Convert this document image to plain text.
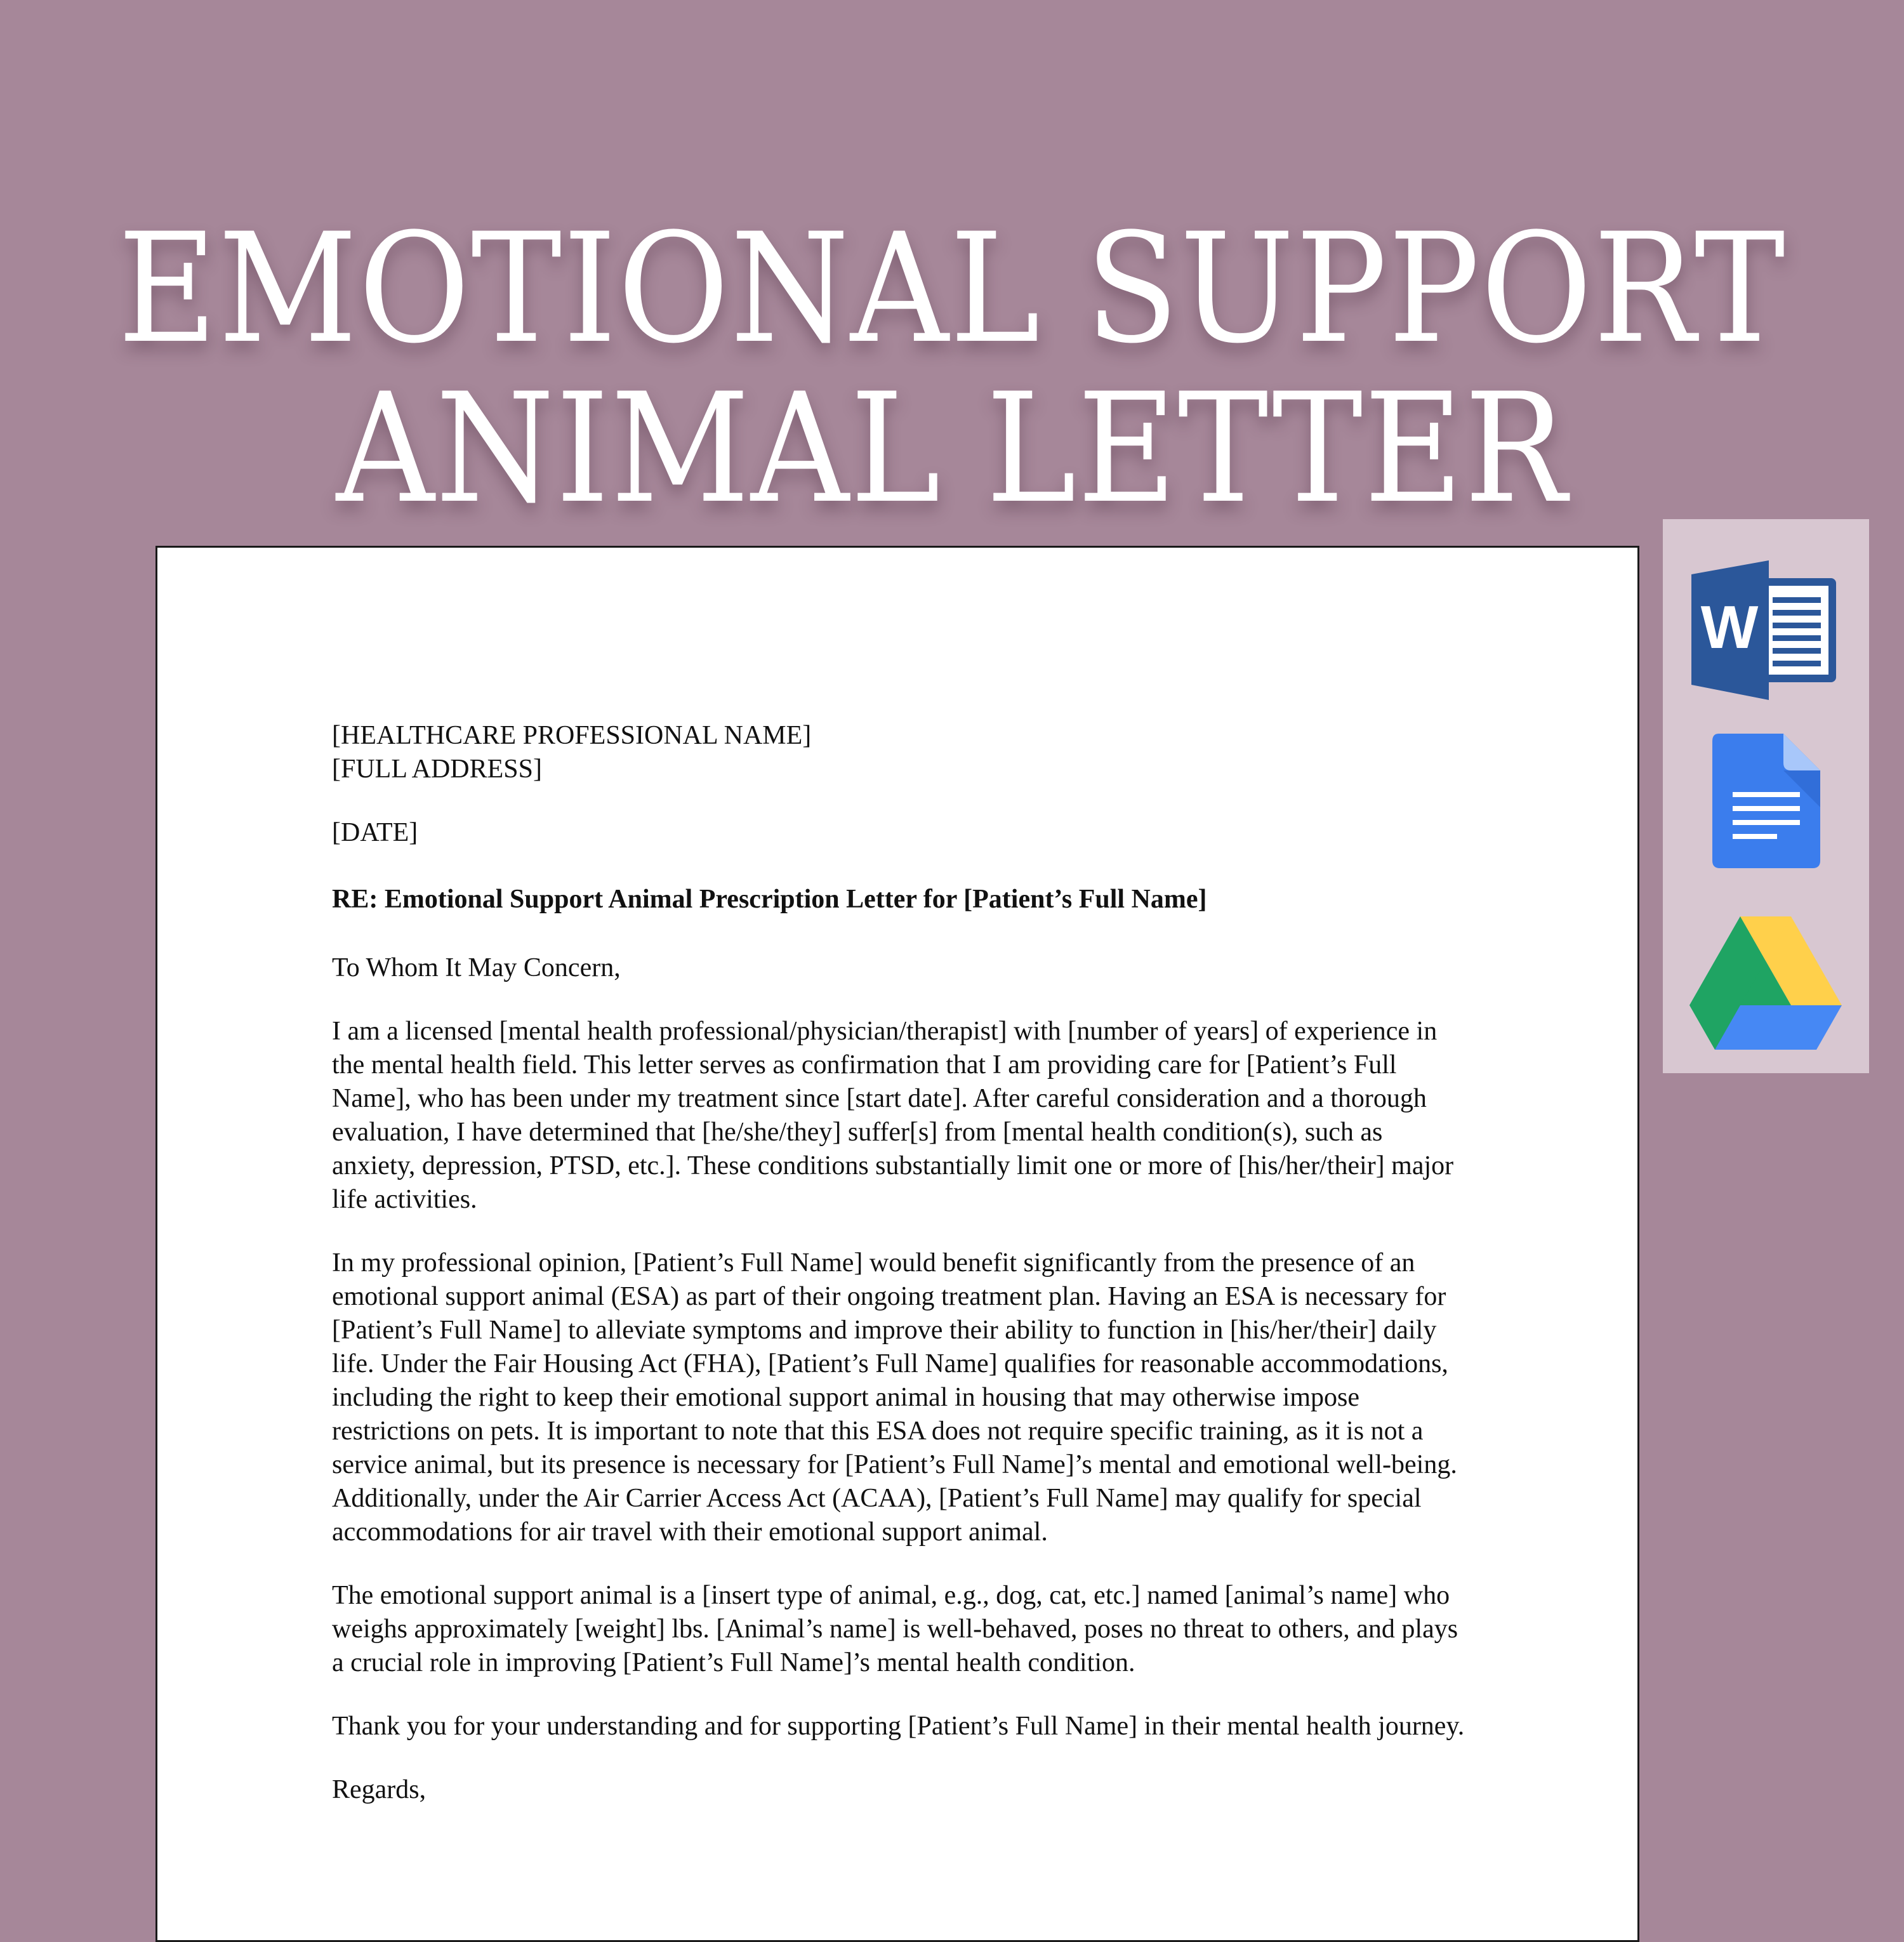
EMOTIONAL SUPPORT
ANIMAL LETTER

[HEALTHCARE PROFESSIONAL NAME]

[FULL ADDRESS]

[DATE]

RE: Emotional Support Animal Prescription Letter for [Patient’s Full Name]

To Whom It May Concern,

I am a licensed [mental health professional/physician/therapist] with [number of years] of experience in the mental health field. This letter serves as confirmation that I am providing care for [Patient’s Full Name], who has been under my treatment since [start date]. After careful consideration and a thorough evaluation, I have determined that [he/she/they] suffer[s] from [mental health condition(s), such as anxiety, depression, PTSD, etc.]. These conditions substantially limit one or more of [his/her/their] major life activities.

In my professional opinion, [Patient’s Full Name] would benefit significantly from the presence of an emotional support animal (ESA) as part of their ongoing treatment plan. Having an ESA is necessary for [Patient’s Full Name] to alleviate symptoms and improve their ability to function in [his/her/their] daily life. Under the Fair Housing Act (FHA), [Patient’s Full Name] qualifies for reasonable accommodations, including the right to keep their emotional support animal in housing that may otherwise impose restrictions on pets. It is important to note that this ESA does not require specific training, as it is not a service animal, but its presence is necessary for [Patient’s Full Name]’s mental and emotional well-being. Additionally, under the Air Carrier Access Act (ACAA), [Patient’s Full Name] may qualify for special accommodations for air travel with their emotional support animal.

The emotional support animal is a [insert type of animal, e.g., dog, cat, etc.] named [animal’s name] who weighs approximately [weight] lbs. [Animal’s name] is well-behaved, poses no threat to others, and plays a crucial role in improving [Patient’s Full Name]’s mental health condition.

Thank you for your understanding and for supporting [Patient’s Full Name] in their mental health journey.

Regards,

W
